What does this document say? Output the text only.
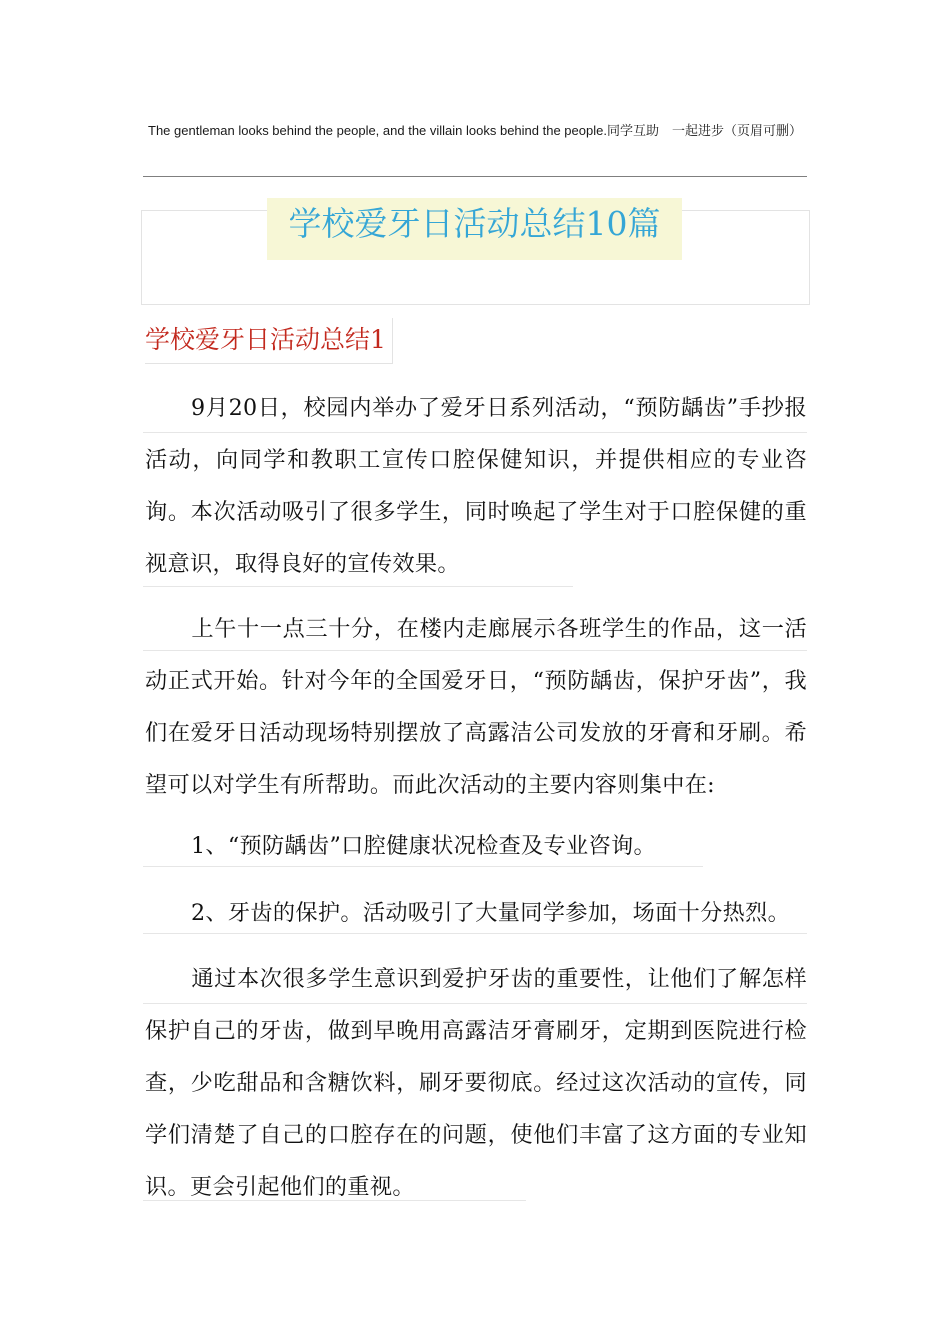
The gentleman looks behind the people, and the villain looks behind the people.同学互助　一起进步（页眉可删）
学校爱牙日活动总结10篇
学校爱牙日活动总结1
9月20日，校园内举办了爱牙日系列活动，“预防龋齿”手抄报活动，向同学和教职工宣传口腔保健知识，并提供相应的专业咨询。本次活动吸引了很多学生，同时唤起了学生对于口腔保健的重视意识，取得良好的宣传效果。
上午十一点三十分，在楼内走廊展示各班学生的作品，这一活动正式开始。针对今年的全国爱牙日，“预防龋齿，保护牙齿”，我们在爱牙日活动现场特别摆放了高露洁公司发放的牙膏和牙刷。希望可以对学生有所帮助。而此次活动的主要内容则集中在:
1、“预防龋齿”口腔健康状况检查及专业咨询。
2、牙齿的保护。活动吸引了大量同学参加，场面十分热烈。
通过本次很多学生意识到爱护牙齿的重要性，让他们了解怎样保护自己的牙齿，做到早晚用高露洁牙膏刷牙，定期到医院进行检查，少吃甜品和含糖饮料，刷牙要彻底。经过这次活动的宣传，同学们清楚了自己的口腔存在的问题，使他们丰富了这方面的专业知识。更会引起他们的重视。
